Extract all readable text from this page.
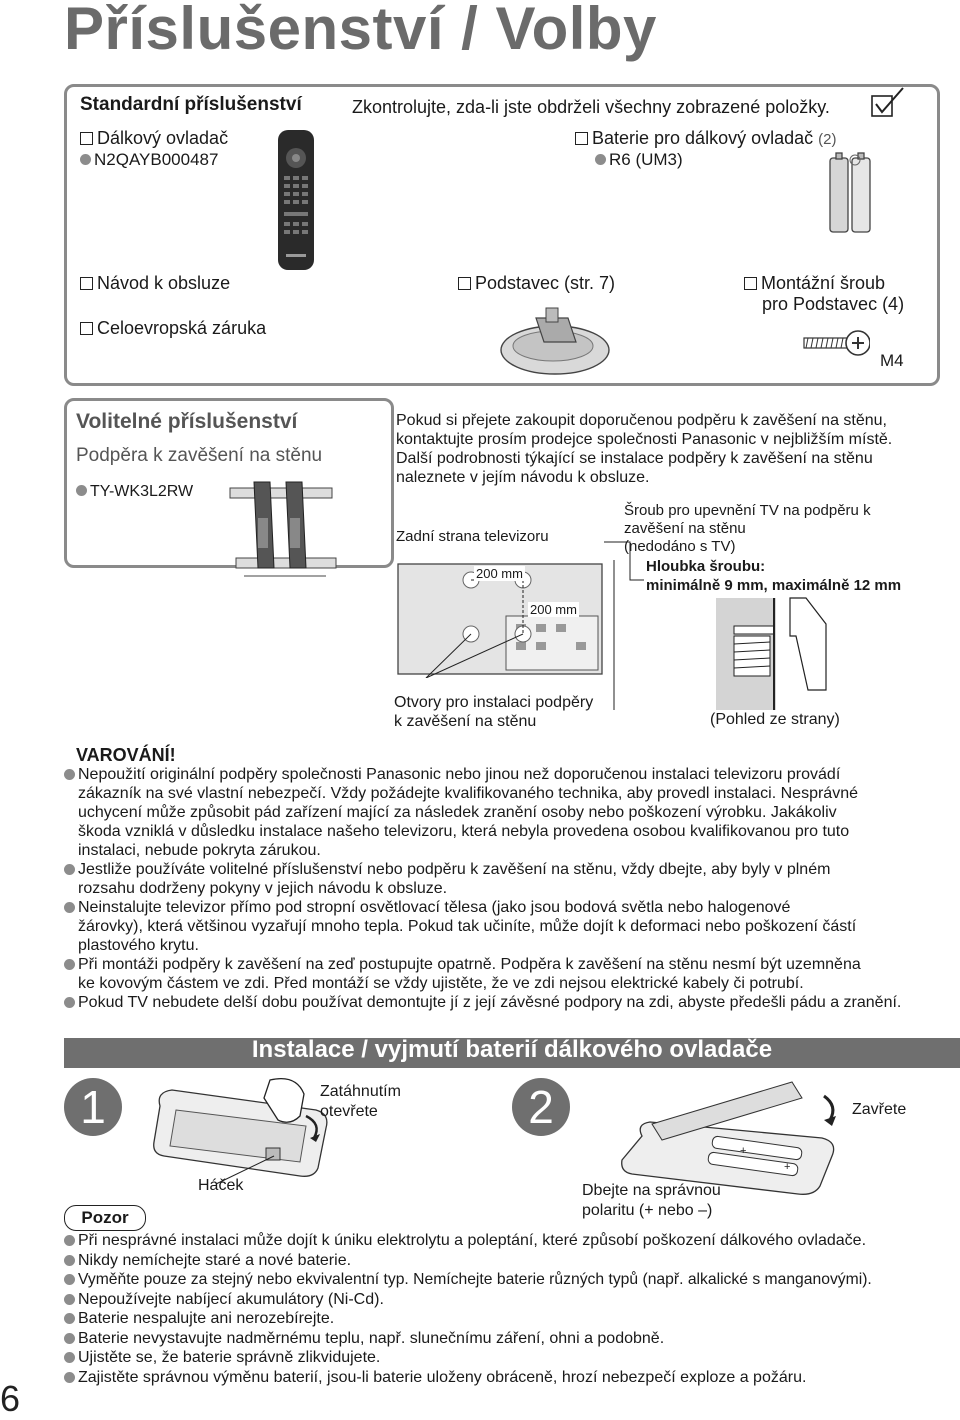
Příslušenství / Volby
Standardní příslušenství	Zkontrolujte, zda-li jste obdrželi všechny zobrazené položky.
Dálkový ovladač
N2QAYB000487
Baterie pro dálkový ovladač (2)
R6 (UM3)
Návod k obsluze
Celoevropská záruka
Podstavec (str. 7)	Montážní šroub
pro Podstavec (4)
M4
Volitelné příslušenství
Podpěra k zavěšení na stěnu
TY-WK3L2RW
Pokud si přejete zakoupit doporučenou podpěru k zavěšení na stěnu,
kontaktujte prosím prodejce společnosti Panasonic v nejbližším místě.
Další podrobnosti týkající se instalace podpěry k zavěšení na stěnu
naleznete v jejím návodu k obsluze.
Zadní strana televizoru
200 mm
200 mm
Otvory pro instalaci podpěry
k zavěšení na stěnu
Šroub pro upevnění TV na podpěru k
zavěšení na stěnu
(nedodáno s TV)
Hloubka šroubu:
minimálně 9 mm, maximálně 12 mm
(Pohled ze strany)
VAROVÁNÍ!
Nepoužití originální podpěry společnosti Panasonic nebo jinou než doporučenou instalaci televizoru provádí
zákazník na své vlastní nebezpečí. Vždy požádejte kvalifikovaného technika, aby provedl instalaci. Nesprávné
uchycení může způsobit pád zařízení mající za následek zranění osoby nebo poškození výrobku. Jakákoliv
škoda vzniklá v důsledku instalace našeho televizoru, která nebyla provedena osobou kvalifikovanou pro tuto
instalaci, nebude pokryta zárukou.
Jestliže používáte volitelné příslušenství nebo podpěru k zavěšení na stěnu, vždy dbejte, aby byly v plném
rozsahu dodrženy pokyny v jejich návodu k obsluze.
Neinstalujte televizor přímo pod stropní osvětlovací tělesa (jako jsou bodová světla nebo halogenové
žárovky), která většinou vyzařují mnoho tepla. Pokud tak učiníte, může dojít k deformaci nebo poškození částí
plastového krytu.
Při montáži podpěry k zavěšení na zeď postupujte opatrně. Podpěra k zavěšení na stěnu nesmí být uzemněna
ke kovovým částem ve zdi. Před montáží se vždy ujistěte, že ve zdi nejsou elektrické kabely či potrubí.
Pokud TV nebudete delší dobu používat demontujte jí z její závěsné podpory na zdi, abyste předešli pádu a zranění.
Instalace / vyjmutí baterií dálkového ovladače
1	2
Zatáhnutím
otevřete
Háček
+
+
Zavřete
Dbejte na správnou
polaritu (+ nebo –)
Pozor
Při nesprávné instalaci může dojít k úniku elektrolytu a poleptání, které způsobí poškození dálkového ovladače.
Nikdy nemíchejte staré a nové baterie.
Vyměňte pouze za stejný nebo ekvivalentní typ. Nemíchejte baterie různých typů (např. alkalické s manganovými).
Nepoužívejte nabíjecí akumulátory (Ni-Cd).
Baterie nespalujte ani nerozebírejte.
Baterie nevystavujte nadměrnému teplu, např. slunečnímu záření, ohni a podobně.
Ujistěte se, že baterie správně zlikvidujete.
Zajistěte správnou výměnu baterií, jsou-li baterie uloženy obráceně, hrozí nebezpečí exploze a požáru.
6
